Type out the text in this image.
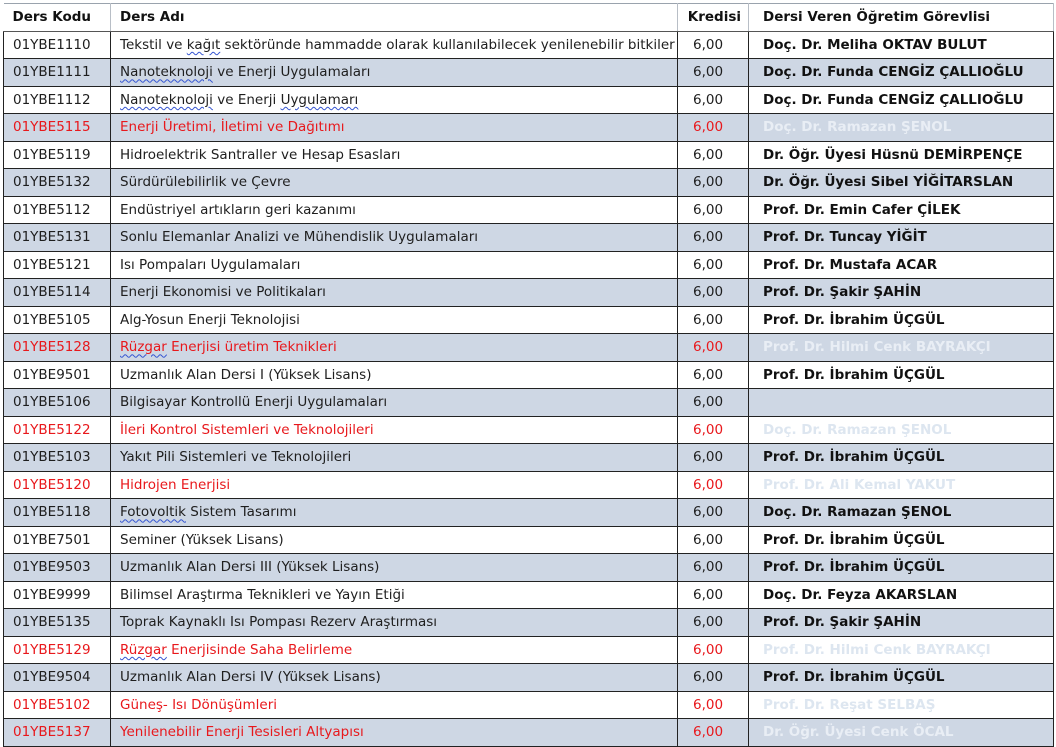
Ders Kodu	Ders Adı	Kredisi	Dersi Veren Öğretim Görevlisi
01YBE1110	Tekstil ve kağıt sektöründe hammadde olarak kullanılabilecek yenilenebilir bitkiler	6,00	Doç. Dr. Meliha OKTAV BULUT
01YBE1111	Nanoteknoloji ve Enerji Uygulamaları	6,00	Doç. Dr. Funda CENGİZ ÇALLIOĞLU
01YBE1112	Nanoteknoloji ve Enerji Uygulamarı	6,00	Doç. Dr. Funda CENGİZ ÇALLIOĞLU
01YBE5115	Enerji Üretimi, İletimi ve Dağıtımı	6,00	Doç. Dr. Ramazan ŞENOL
01YBE5119	Hidroelektrik Santraller ve Hesap Esasları	6,00	Dr. Öğr. Üyesi Hüsnü DEMİRPENÇE
01YBE5132	Sürdürülebilirlik ve Çevre	6,00	Dr. Öğr. Üyesi Sibel YİĞİTARSLAN
01YBE5112	Endüstriyel artıkların geri kazanımı	6,00	Prof. Dr. Emin Cafer ÇİLEK
01YBE5131	Sonlu Elemanlar Analizi ve Mühendislik Uygulamaları	6,00	Prof. Dr. Tuncay YİĞİT
01YBE5121	Isı Pompaları Uygulamaları	6,00	Prof. Dr. Mustafa ACAR
01YBE5114	Enerji Ekonomisi ve Politikaları	6,00	Prof. Dr. Şakir ŞAHİN
01YBE5105	Alg-Yosun Enerji Teknolojisi	6,00	Prof. Dr. İbrahim ÜÇGÜL
01YBE5128	Rüzgar Enerjisi üretim Teknikleri	6,00	Prof. Dr. Hilmi Cenk BAYRAKÇI
01YBE9501	Uzmanlık Alan Dersi I (Yüksek Lisans)	6,00	Prof. Dr. İbrahim ÜÇGÜL
01YBE5106	Bilgisayar Kontrollü Enerji Uygulamaları	6,00	
01YBE5122	İleri Kontrol Sistemleri ve Teknolojileri	6,00	Doç. Dr. Ramazan ŞENOL
01YBE5103	Yakıt Pili Sistemleri ve Teknolojileri	6,00	Prof. Dr. İbrahim ÜÇGÜL
01YBE5120	Hidrojen Enerjisi	6,00	Prof. Dr. Ali Kemal YAKUT
01YBE5118	Fotovoltik Sistem Tasarımı	6,00	Doç. Dr. Ramazan ŞENOL
01YBE7501	Seminer (Yüksek Lisans)	6,00	Prof. Dr. İbrahim ÜÇGÜL
01YBE9503	Uzmanlık Alan Dersi III (Yüksek Lisans)	6,00	Prof. Dr. İbrahim ÜÇGÜL
01YBE9999	Bilimsel Araştırma Teknikleri ve Yayın Etiği	6,00	Doç. Dr. Feyza AKARSLAN
01YBE5135	Toprak Kaynaklı Isı Pompası Rezerv Araştırması	6,00	Prof. Dr. Şakir ŞAHİN
01YBE5129	Rüzgar Enerjisinde Saha Belirleme	6,00	Prof. Dr. Hilmi Cenk BAYRAKÇI
01YBE9504	Uzmanlık Alan Dersi IV (Yüksek Lisans)	6,00	Prof. Dr. İbrahim ÜÇGÜL
01YBE5102	Güneş- Isı Dönüşümleri	6,00	Prof. Dr. Reşat SELBAŞ
01YBE5137	Yenilenebilir Enerji Tesisleri Altyapısı	6,00	Dr. Öğr. Üyesi Cenk ÖCAL
